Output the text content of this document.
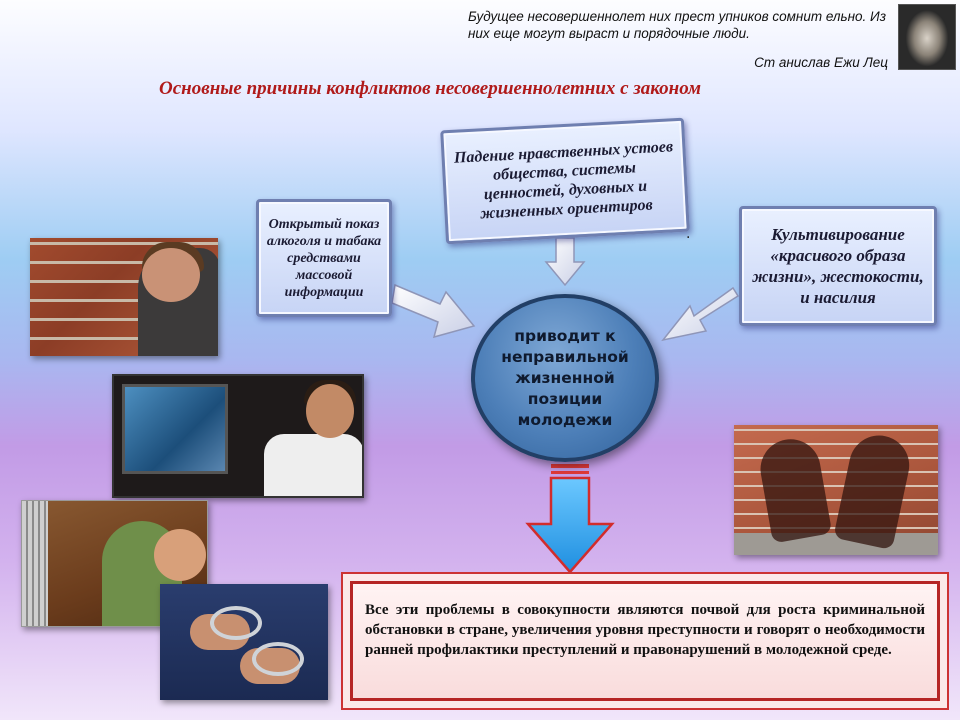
Будущее несовершеннолет них прест упников сомнит ельно. Из них еще могут выраст и порядочные люди.
Ст анислав Ежи Лец
Основные причины конфликтов несовершеннолетних с законом
Открытый показ алкоголя и табака средствами массовой информации
Падение нравственных устоев общества, системы ценностей, духовных и жизненных ориентиров
Культивирование «красивого образа жизни», жестокости, и насилия
.
приводит к неправильной жизненной позиции молодежи
Все эти проблемы в совокупности являются почвой для роста криминальной обстановки в стране, увеличения уровня преступности и говорят о необходимости ранней профилактики преступлений и правонарушений в молодежной среде.
